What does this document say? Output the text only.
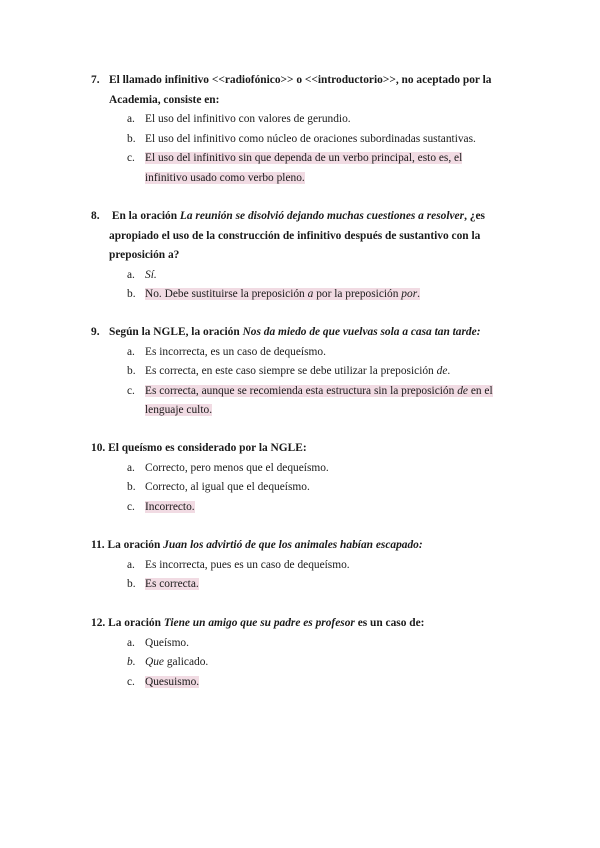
7. El llamado infinitivo <<radiofónico>> o <<introductorio>>, no aceptado por la
Academia, consiste en:
a. El uso del infinitivo con valores de gerundio.
b. El uso del infinitivo como núcleo de oraciones subordinadas sustantivas.
c. El uso del infinitivo sin que dependa de un verbo principal, esto es, el
infinitivo usado como verbo pleno.
8. En la oración La reunión se disolvió dejando muchas cuestiones a resolver, ¿es
apropiado el uso de la construcción de infinitivo después de sustantivo con la
preposición a?
a. Sí.
b. No. Debe sustituirse la preposición a por la preposición por.
9. Según la NGLE, la oración Nos da miedo de que vuelvas sola a casa tan tarde:
a. Es incorrecta, es un caso de dequeísmo.
b. Es correcta, en este caso siempre se debe utilizar la preposición de.
c. Es correcta, aunque se recomienda esta estructura sin la preposición de en el
lenguaje culto.
10. El queísmo es considerado por la NGLE:
a. Correcto, pero menos que el dequeísmo.
b. Correcto, al igual que el dequeísmo.
c. Incorrecto.
11. La oración Juan los advirtió de que los animales habían escapado:
a. Es incorrecta, pues es un caso de dequeísmo.
b. Es correcta.
12. La oración Tiene un amigo que su padre es profesor es un caso de:
a. Queísmo.
b. Que galicado.
c. Quesuismo.
